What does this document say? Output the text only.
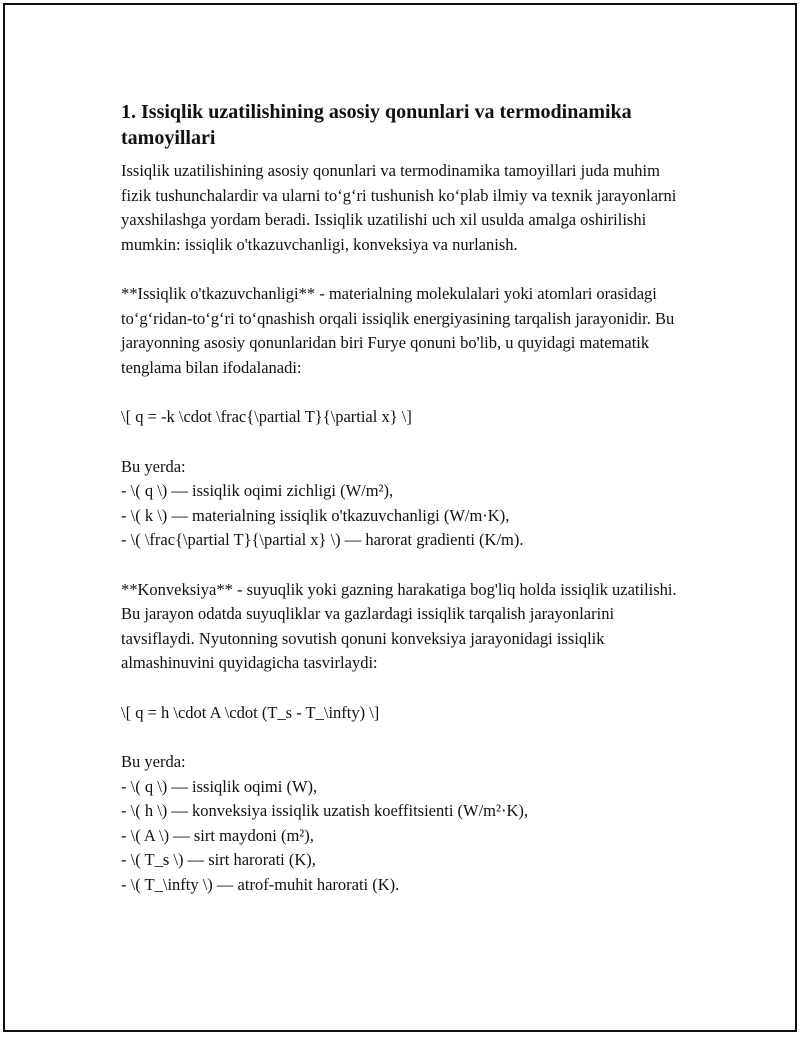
1. Issiqlik uzatilishining asosiy qonunlari va termodinamika tamoyillari

Issiqlik uzatilishining asosiy qonunlari va termodinamika tamoyillari juda muhim fizik tushunchalardir va ularni to‘g‘ri tushunish ko‘plab ilmiy va texnik jarayonlarni yaxshilashga yordam beradi. Issiqlik uzatilishi uch xil usulda amalga oshirilishi mumkin: issiqlik o'tkazuvchanligi, konveksiya va nurlanish.

**Issiqlik o'tkazuvchanligi** - materialning molekulalari yoki atomlari orasidagi to‘g‘ridan-to‘g‘ri to‘qnashish orqali issiqlik energiyasining tarqalish jarayonidir. Bu jarayonning asosiy qonunlaridan biri Furye qonuni bo'lib, u quyidagi matematik tenglama bilan ifodalanadi:

\[ q = -k \cdot \frac{\partial T}{\partial x} \]

Bu yerda:
- \( q \) — issiqlik oqimi zichligi (W/m²),
- \( k \) — materialning issiqlik o'tkazuvchanligi (W/m·K),
- \( \frac{\partial T}{\partial x} \) — harorat gradienti (K/m).

**Konveksiya** - suyuqlik yoki gazning harakatiga bog'liq holda issiqlik uzatilishi. Bu jarayon odatda suyuqliklar va gazlardagi issiqlik tarqalish jarayonlarini tavsiflaydi. Nyutonning sovutish qonuni konveksiya jarayonidagi issiqlik almashinuvini quyidagicha tasvirlaydi:

\[ q = h \cdot A \cdot (T_s - T_\infty) \]

Bu yerda:
- \( q \) — issiqlik oqimi (W),
- \( h \) — konveksiya issiqlik uzatish koeffitsienti (W/m²·K),
- \( A \) — sirt maydoni (m²),
- \( T_s \) — sirt harorati (K),
- \( T_\infty \) — atrof-muhit harorati (K).
